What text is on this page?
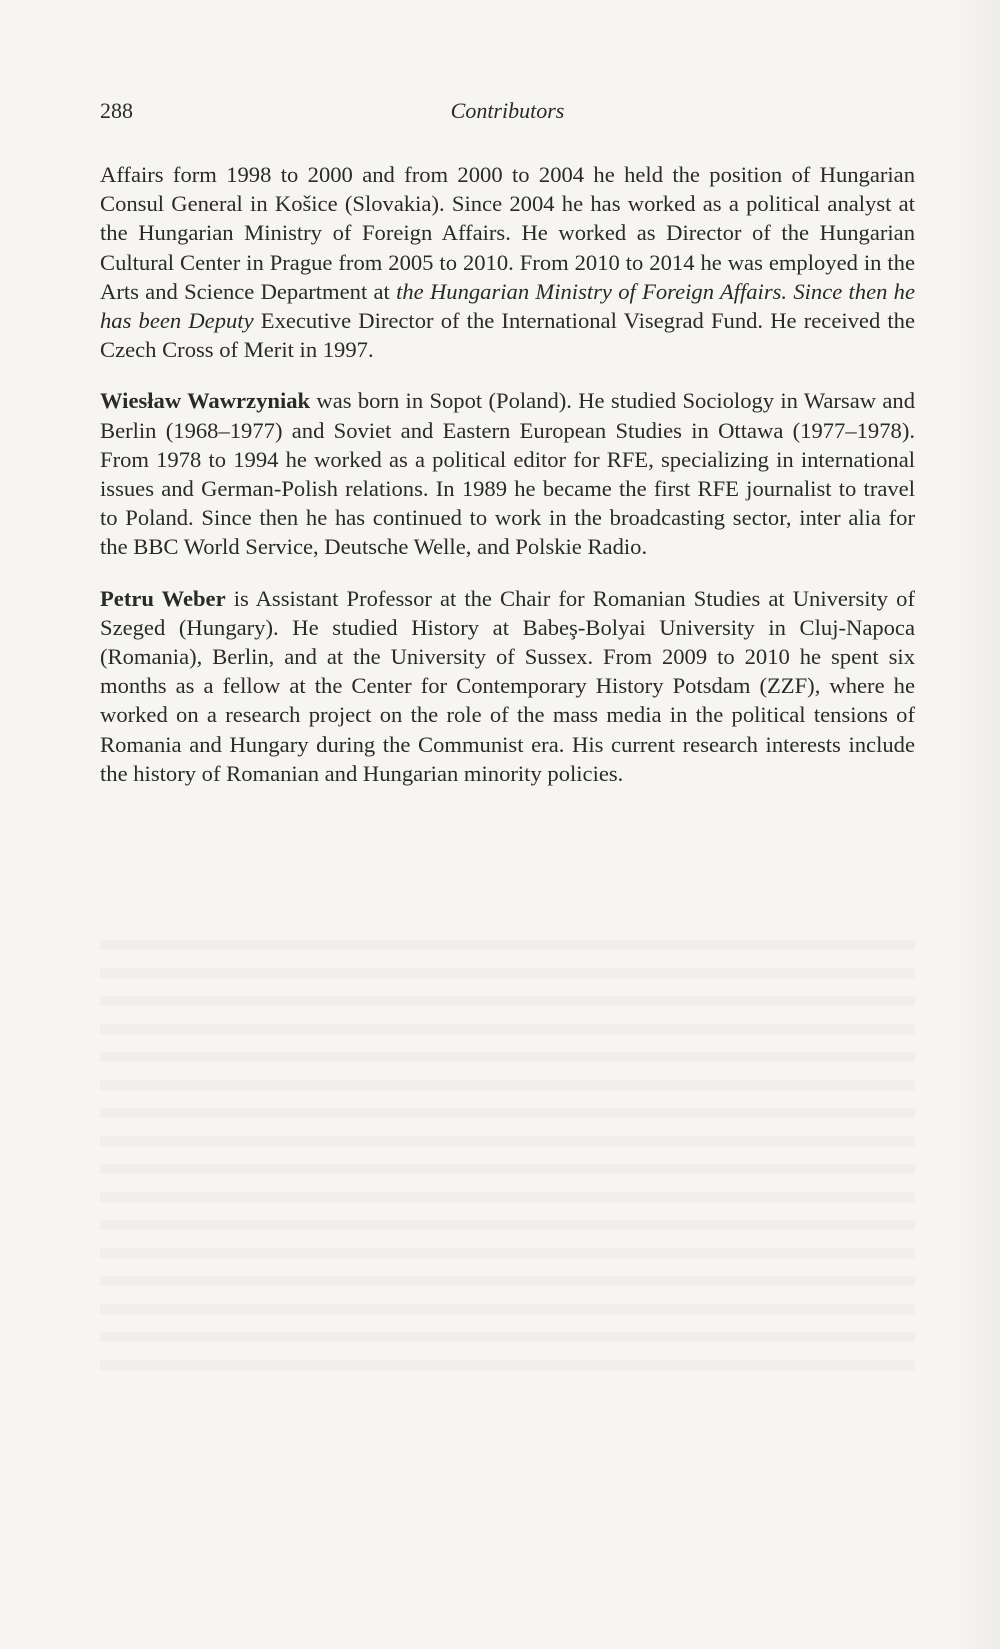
288	Contributors

Affairs form 1998 to 2000 and from 2000 to 2004 he held the position of Hungarian Consul General in Košice (Slovakia). Since 2004 he has worked as a political analyst at the Hungarian Ministry of Foreign Affairs. He worked as Director of the Hungarian Cultural Center in Prague from 2005 to 2010. From 2010 to 2014 he was employed in the Arts and Science Department at the Hungarian Ministry of Foreign Affairs. Since then he has been Deputy Executive Director of the International Visegrad Fund. He received the Czech Cross of Merit in 1997.

Wiesław Wawrzyniak was born in Sopot (Poland). He studied Sociology in Warsaw and Berlin (1968–1977) and Soviet and Eastern European Studies in Ottawa (1977–1978). From 1978 to 1994 he worked as a political editor for RFE, specializing in international issues and German-Polish relations. In 1989 he became the first RFE journalist to travel to Poland. Since then he has continued to work in the broadcasting sector, inter alia for the BBC World Service, Deutsche Welle, and Polskie Radio.

Petru Weber is Assistant Professor at the Chair for Romanian Studies at University of Szeged (Hungary). He studied History at Babeş-Bolyai University in Cluj-Napoca (Romania), Berlin, and at the University of Sussex. From 2009 to 2010 he spent six months as a fellow at the Center for Contemporary History Potsdam (ZZF), where he worked on a research project on the role of the mass media in the political tensions of Romania and Hungary during the Communist era. His current research interests include the history of Romanian and Hungarian minority policies.
